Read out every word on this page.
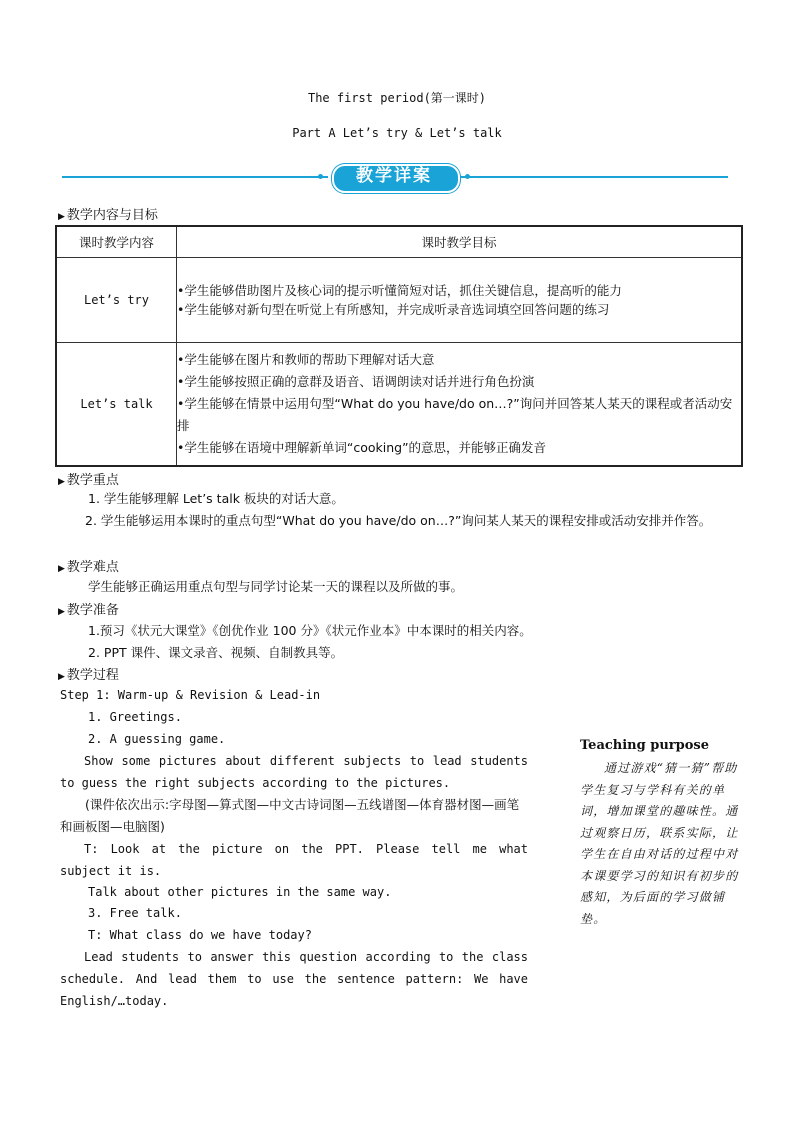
The first period(第一课时)
Part A Let’s try & Let’s talk
教学详案
▶ 教学内容与目标
课时教学内容	课时教学目标
Let’s try	•学生能够借助图片及核心词的提示听懂简短对话，抓住关键信息，提高听的能力
•学生能够对新句型在听觉上有所感知，并完成听录音选词填空回答问题的练习

Let’s talk	•学生能够在图片和教师的帮助下理解对话大意
•学生能够按照正确的意群及语音、语调朗读对话并进行角色扮演
•学生能够在情景中运用句型“What do you have/do on…?”询问并回答某人某天的课程或者活动安排
•学生能够在语境中理解新单词“cooking”的意思，并能够正确发音
▶ 教学重点
1. 学生能够理解 Let’s talk 板块的对话大意。
2. 学生能够运用本课时的重点句型“What do you have/do on…?”询问某人某天的课程安排或活动安排并作答。
▶ 教学难点
学生能够正确运用重点句型与同学讨论某一天的课程以及所做的事。
▶ 教学准备
1.预习《状元大课堂》《创优作业 100 分》《状元作业本》中本课时的相关内容。
2. PPT 课件、课文录音、视频、自制教具等。
▶ 教学过程
Step 1: Warm-up & Revision & Lead-in
1. Greetings.
2. A guessing game.
Show some pictures about different subjects to lead students to guess the right subjects according to the pictures.
(课件依次出示:字母图—算式图—中文古诗词图—五线谱图—体育器材图—画笔和画板图—电脑图)
T: Look at the picture on the PPT. Please tell me what subject it is.
Talk about other pictures in the same way.
3. Free talk.
T: What class do we have today?
Lead students to answer this question according to the class schedule. And lead them to use the sentence pattern: We have English/…today.
Teaching purpose
通过游戏“猜一猜”帮助学生复习与学科有关的单词，增加课堂的趣味性。通过观察日历，联系实际，让学生在自由对话的过程中对本课要学习的知识有初步的感知，为后面的学习做铺垫。
